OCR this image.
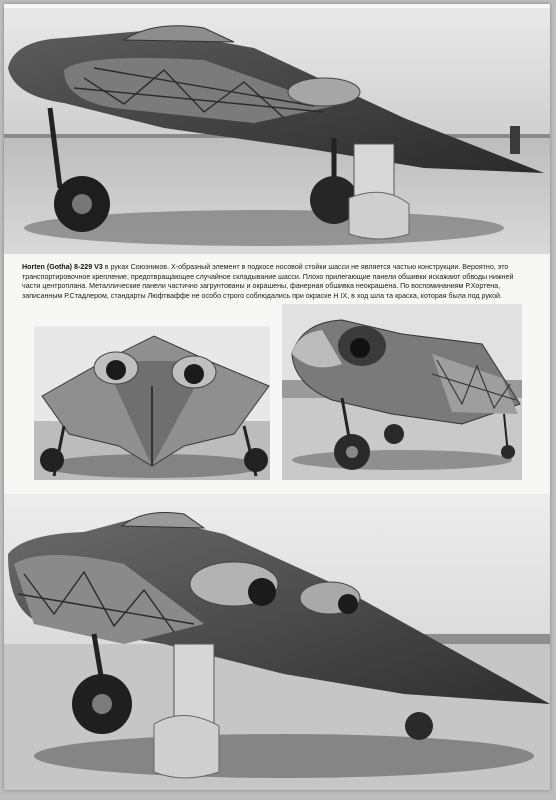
Horten (Gotha) 8-229 V3 в руках Союзников. Х-образный элемент в подкосе носовой стойки шасси не является частью конструкции. Вероятно, это транспортировочное крепление, предотвращающее случайное складывание шасси. Плохо прилегающие панели обшивки искажают обводы нижней части центроплана. Металлические панели частично загрунтованы и окрашены, фанерная обшивка неокрашена. По воспоминаниям Р.Хортена, записанным Р.Стадлером, стандарты Люфтваффе не особо строго соблюдались при окраске Н IX, в ход шла та краска, которая была под рукой.
